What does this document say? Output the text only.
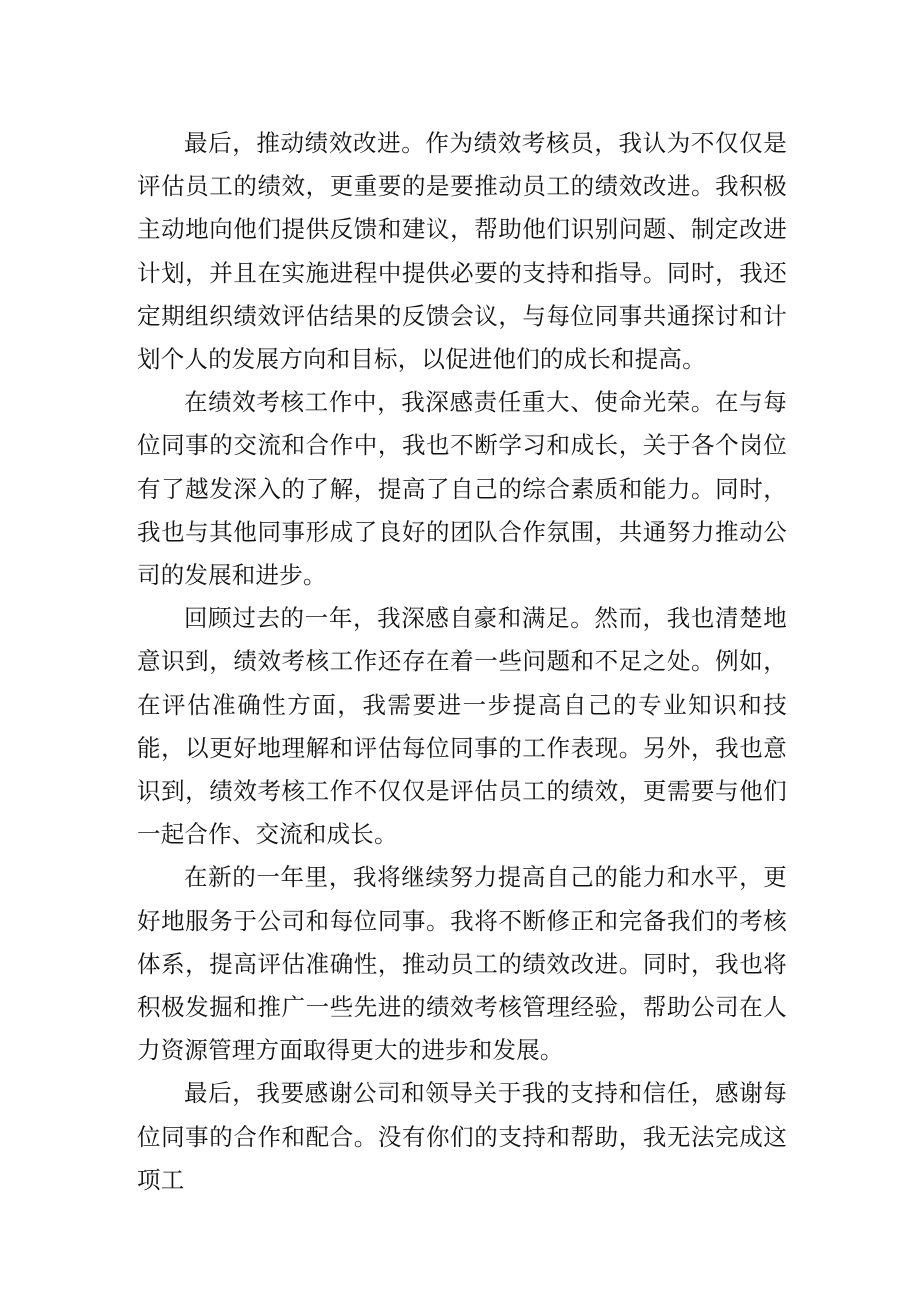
最后，推动绩效改进。作为绩效考核员，我认为不仅仅是评估员工的绩效，更重要的是要推动员工的绩效改进。我积极主动地向他们提供反馈和建议，帮助他们识别问题、制定改进计划，并且在实施进程中提供必要的支持和指导。同时，我还定期组织绩效评估结果的反馈会议，与每位同事共通探讨和计划个人的发展方向和目标，以促进他们的成长和提高。

在绩效考核工作中，我深感责任重大、使命光荣。在与每位同事的交流和合作中，我也不断学习和成长，关于各个岗位有了越发深入的了解，提高了自己的综合素质和能力。同时，我也与其他同事形成了良好的团队合作氛围，共通努力推动公司的发展和进步。

回顾过去的一年，我深感自豪和满足。然而，我也清楚地意识到，绩效考核工作还存在着一些问题和不足之处。例如，在评估准确性方面，我需要进一步提高自己的专业知识和技能，以更好地理解和评估每位同事的工作表现。另外，我也意识到，绩效考核工作不仅仅是评估员工的绩效，更需要与他们一起合作、交流和成长。

在新的一年里，我将继续努力提高自己的能力和水平，更好地服务于公司和每位同事。我将不断修正和完备我们的考核体系，提高评估准确性，推动员工的绩效改进。同时，我也将积极发掘和推广一些先进的绩效考核管理经验，帮助公司在人力资源管理方面取得更大的进步和发展。

最后，我要感谢公司和领导关于我的支持和信任，感谢每位同事的合作和配合。没有你们的支持和帮助，我无法完成这项工
